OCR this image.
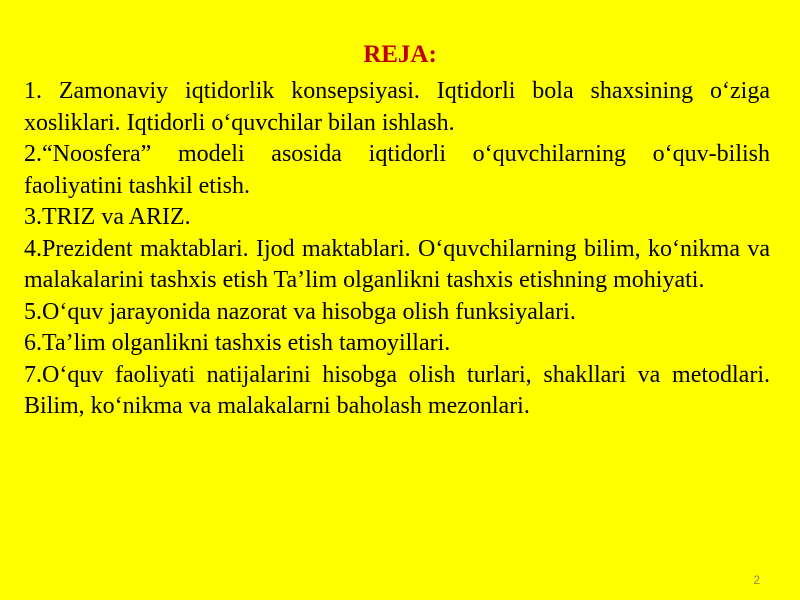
REJA:

1. Zamonaviy iqtidorlik konsepsiyasi. Iqtidorli bola shaxsining o‘ziga xosliklari. Iqtidorli o‘quvchilar bilan ishlash.

2.“Noosfera” modeli asosida iqtidorli o‘quvchilarning o‘quv-bilish faoliyatini tashkil etish.

3.TRIZ va ARIZ.

4.Prezident maktablari. Ijod maktablari. O‘quvchilarning bilim, ko‘nikma va malakalarini tashxis etish Ta’lim olganlikni tashxis etishning mohiyati.

5.O‘quv jarayonida nazorat va hisobga olish funksiyalari.

6.Ta’lim olganlikni tashxis etish tamoyillari.

7.O‘quv faoliyati natijalarini hisobga olish turlari, shakllari va metodlari. Bilim, ko‘nikma va malakalarni baholash mezonlari.

2
